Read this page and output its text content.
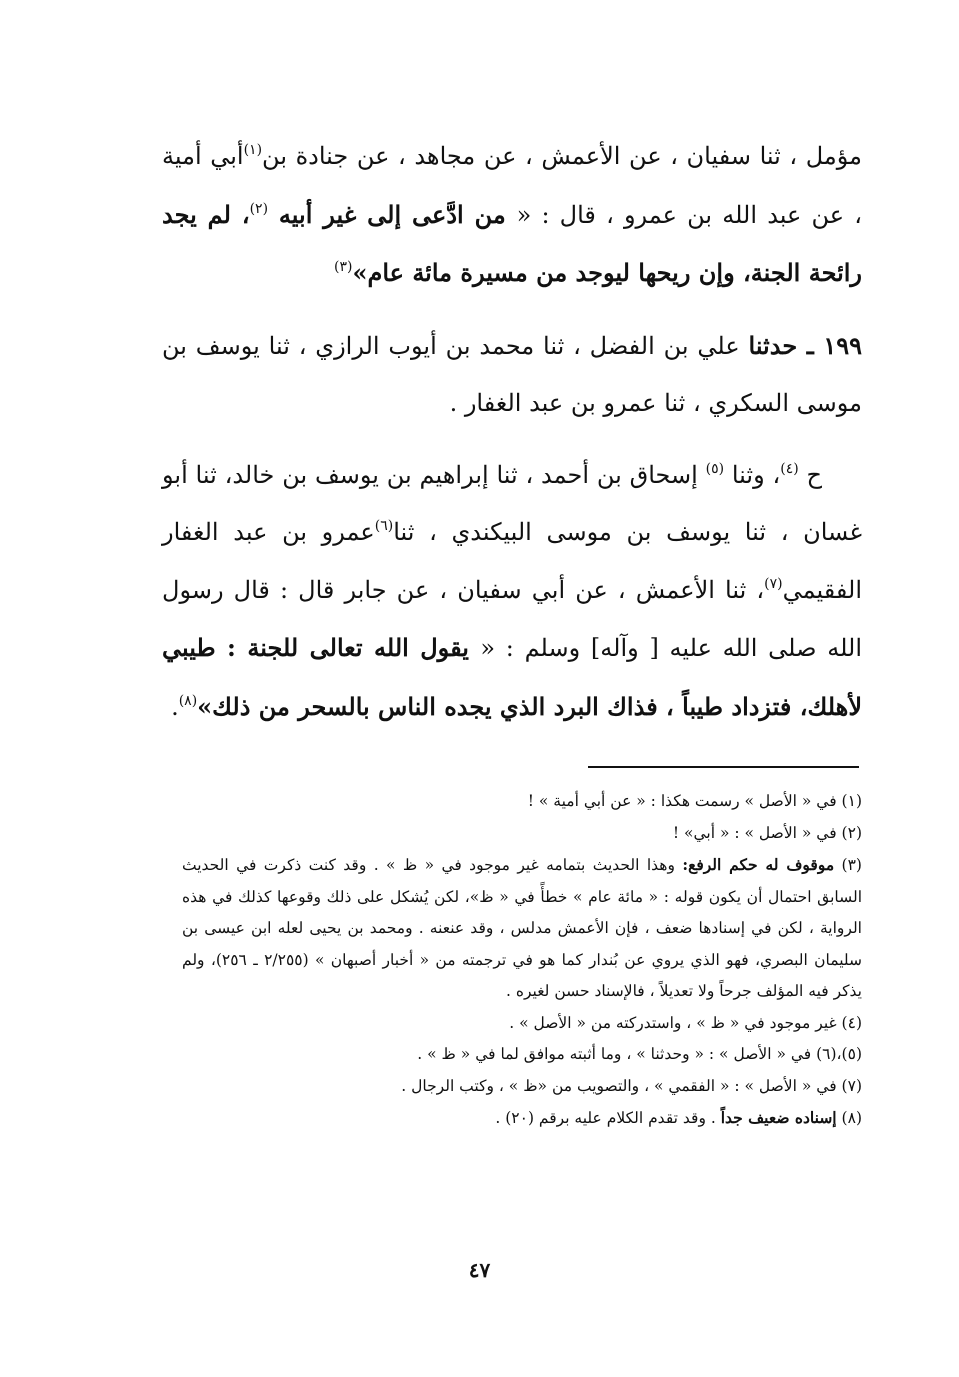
مؤمل ، ثنا سفيان ، عن الأعمش ، عن مجاهد ، عن جنادة بن$^{(١)}$أبي أمية ، عن عبد الله بن عمرو ، قال : « من ادَّعى إلى غير أبيه $^{(٢)}$، لم يجد رائحة الجنة، وإن ريحها ليوجد من مسيرة مائة عام»$^{(٣)}$

١٩٩ ـ حدثنا علي بن الفضل ، ثنا محمد بن أيوب الرازي ، ثنا يوسف بن موسى السكري ، ثنا عمرو بن عبد الغفار .

ح $^{(٤)}$، وثنا $^{(٥)}$ إسحاق بن أحمد ، ثنا إبراهيم بن يوسف بن خالد، ثنا أبو غسان ، ثنا يوسف بن موسى البيكندي ، ثنا$^{(٦)}$عمرو بن عبد الغفار الفقيمي$^{(٧)}$، ثنا الأعمش ، عن أبي سفيان ، عن جابر قال : قال رسول الله صلى الله عليه [ وآله] وسلم : « يقول الله تعالى للجنة : طيبي لأهلك، فتزداد طيباً ، فذاك البرد الذي يجده الناس بالسحر من ذلك»$^{(٨)}$.

(١) في « الأصل » رسمت هكذا : « عن أبي أمية » !

(٢) في « الأصل » : « أبي» !

(٣) موقوف له حكم الرفع: وهذا الحديث بتمامه غير موجود في « ظ » . وقد كنت ذكرت في الحديث السابق احتمال أن يكون قوله : « مائة عام » خطأً في « ظ»، لكن يُشكل على ذلك وقوعها كذلك في هذه الرواية ، لكن في إسنادها ضعف ، فإن الأعمش مدلس ، وقد عنعنه . ومحمد بن يحيى لعله ابن عيسى بن سليمان البصري، فهو الذي يروي عن بُندار كما هو في ترجمته من « أخبار أصبهان » (٢/٢٥٥ ـ ٢٥٦)، ولم يذكر فيه المؤلف جرحاً ولا تعديلاً ، فالإسناد حسن لغيره .

(٤) غير موجود في « ظ » ، واستدركته من « الأصل » .

(٥)،(٦) في « الأصل » : « وحدثنا » ، وما أثبته موافق لما في « ظ » .

(٧) في « الأصل » : « الفقمي » ، والتصويب من «ظ » ، وكتب الرجال .

(٨) إسناده ضعيف جداً . وقد تقدم الكلام عليه برقم (٢٠) .

٤٧
